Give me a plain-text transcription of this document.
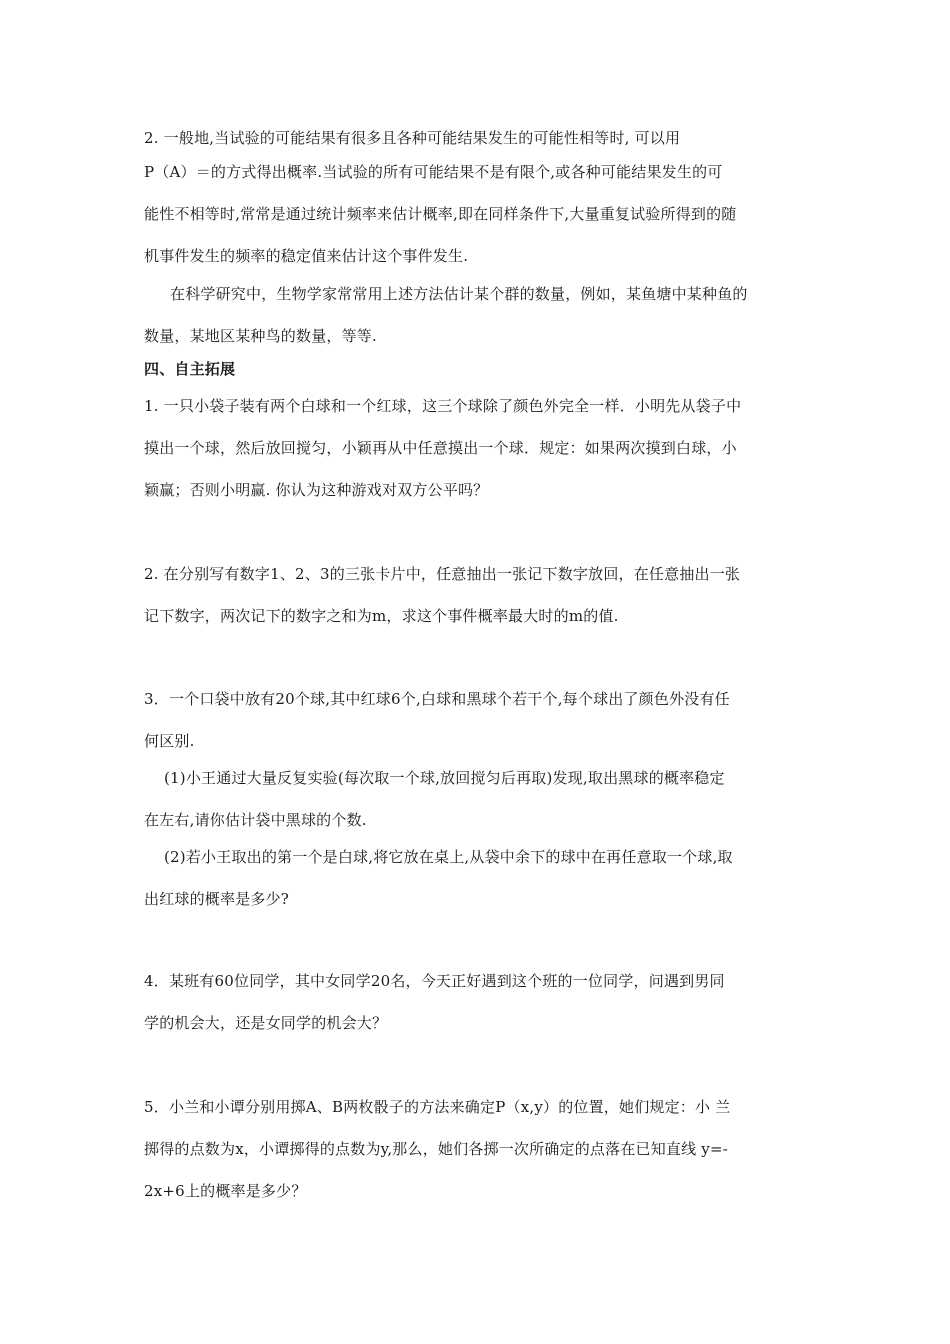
2. 一般地,当试验的可能结果有很多且各种可能结果发生的可能性相等时, 可以用
P（A）＝的方式得出概率.当试验的所有可能结果不是有限个,或各种可能结果发生的可
能性不相等时,常常是通过统计频率来估计概率,即在同样条件下,大量重复试验所得到的随
机事件发生的频率的稳定值来估计这个事件发生.
在科学研究中，生物学家常常用上述方法估计某个群的数量，例如，某鱼塘中某种鱼的
数量，某地区某种鸟的数量，等等.
四、自主拓展
1. 一只小袋子装有两个白球和一个红球，这三个球除了颜色外完全一样．小明先从袋子中
摸出一个球，然后放回搅匀，小颖再从中任意摸出一个球．规定：如果两次摸到白球，小
颖赢；否则小明赢. 你认为这种游戏对双方公平吗？
2. 在分别写有数字1、2、3的三张卡片中，任意抽出一张记下数字放回，在任意抽出一张
记下数字，两次记下的数字之和为m，求这个事件概率最大时的m的值.
3．一个口袋中放有20个球,其中红球6个,白球和黑球个若干个,每个球出了颜色外没有任
何区别.
(1)小王通过大量反复实验(每次取一个球,放回搅匀后再取)发现,取出黑球的概率稳定
在左右,请你估计袋中黑球的个数.
(2)若小王取出的第一个是白球,将它放在桌上,从袋中余下的球中在再任意取一个球,取
出红球的概率是多少?
4．某班有60位同学，其中女同学20名，今天正好遇到这个班的一位同学，问遇到男同
学的机会大，还是女同学的机会大？
5．小兰和小谭分别用掷A、B两枚骰子的方法来确定P（x,y）的位置，她们规定：小 兰
掷得的点数为x，小谭掷得的点数为y,那么，她们各掷一次所确定的点落在已知直线 y=-
2x+6上的概率是多少？
